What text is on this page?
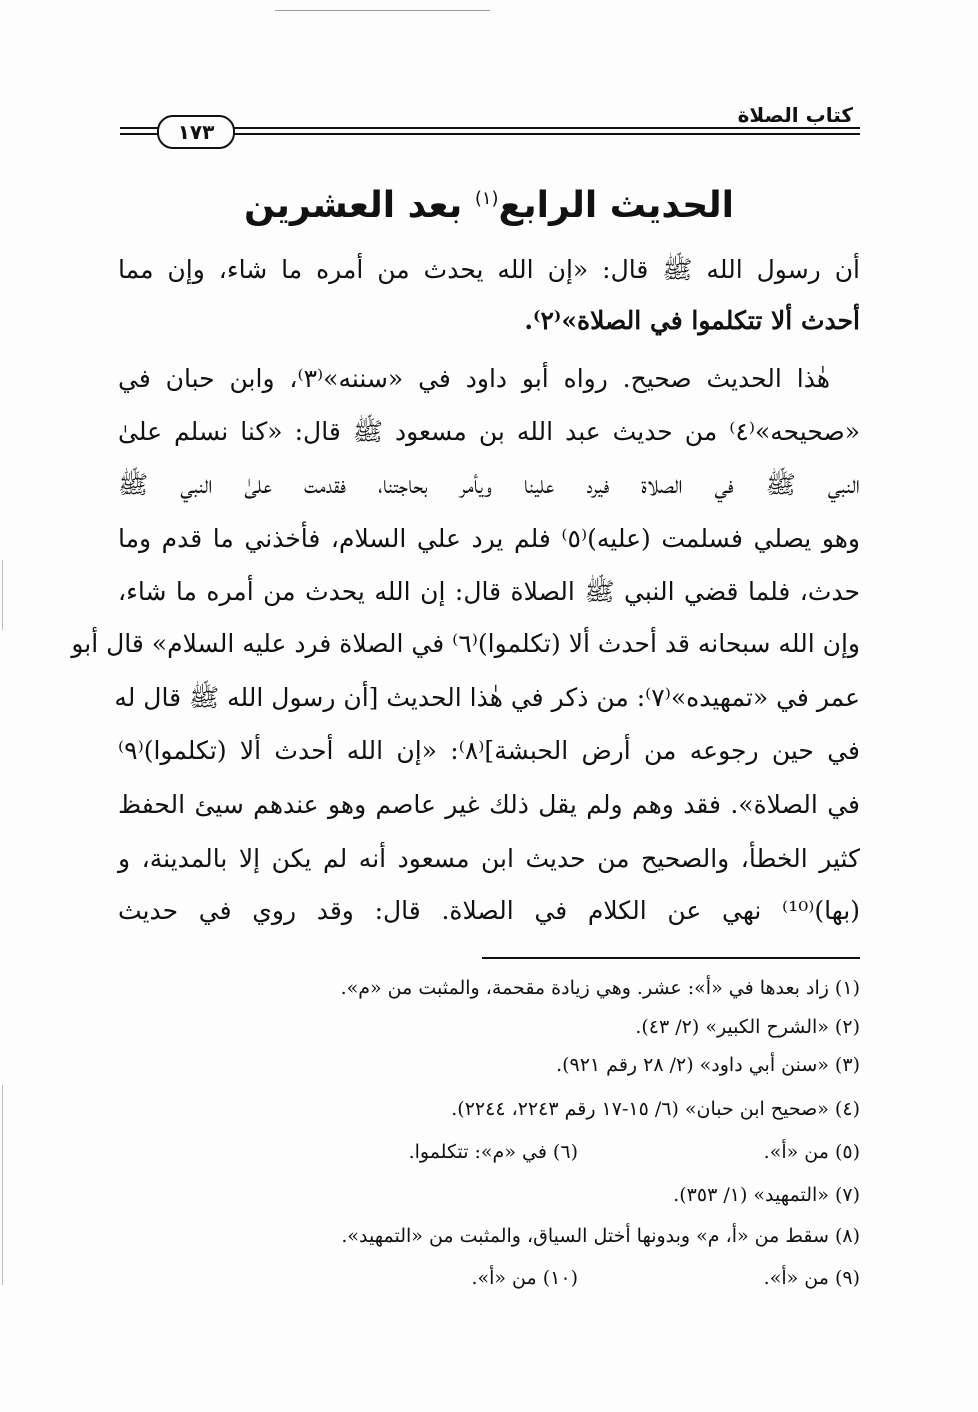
كتاب الصلاة
١٧٣
الحديث الرابع$^{(١)}$ بعد العشرين
أن رسول الله ﷺ قال: «إن الله يحدث من أمره ما شاء، وإن مما
أحدث ألا تتكلموا في الصلاة»⁽٢⁾.
هٰذا الحديث صحيح. رواه أبو داود في «سننه»⁽٣⁾، وابن حبان في
«صحيحه»⁽٤⁾ من حديث عبد الله بن مسعود ﷺ قال: «كنا نسلم علىٰ
النبي ﷺ في الصلاة فيرد علينا ويأمر بحاجتنا، فقدمت علىٰ النبي ﷺ
وهو يصلي فسلمت (عليه)⁽٥⁾ فلم يرد علي السلام، فأخذني ما قدم وما
حدث، فلما قضي النبي ﷺ الصلاة قال: إن الله يحدث من أمره ما شاء،
وإن الله سبحانه قد أحدث ألا (تكلموا)⁽٦⁾ في الصلاة فرد عليه السلام» قال أبو
عمر في «تمهيده»⁽٧⁾: من ذكر في هٰذا الحديث [أن رسول الله ﷺ قال له
في حين رجوعه من أرض الحبشة]⁽٨⁾: «إن الله أحدث ألا (تكلموا)⁽٩⁾
في الصلاة». فقد وهم ولم يقل ذلك غير عاصم وهو عندهم سيئ الحفظ
كثير الخطأ، والصحيح من حديث ابن مسعود أنه لم يكن إلا بالمدينة، و
(بها)⁽¹⁰⁾ نهي عن الكلام في الصلاة. قال: وقد روي في حديث
(١) زاد بعدها في «أ»: عشر. وهي زيادة مقحمة، والمثبت من «م».
(٢) «الشرح الكبير» (٢/ ٤٣).
(٣) «سنن أبي داود» (٢/ ٢٨ رقم ٩٢١).
(٤) «صحيح ابن حبان» (٦/ ١٥-١٧ رقم ٢٢٤٣، ٢٢٤٤).
(٥) من «أ».
(٦) في «م»: تتكلموا.
(٧) «التمهيد» (١/ ٣٥٣).
(٨) سقط من «أ، م» وبدونها أختل السياق، والمثبت من «التمهيد».
(٩) من «أ».
(١٠) من «أ».
